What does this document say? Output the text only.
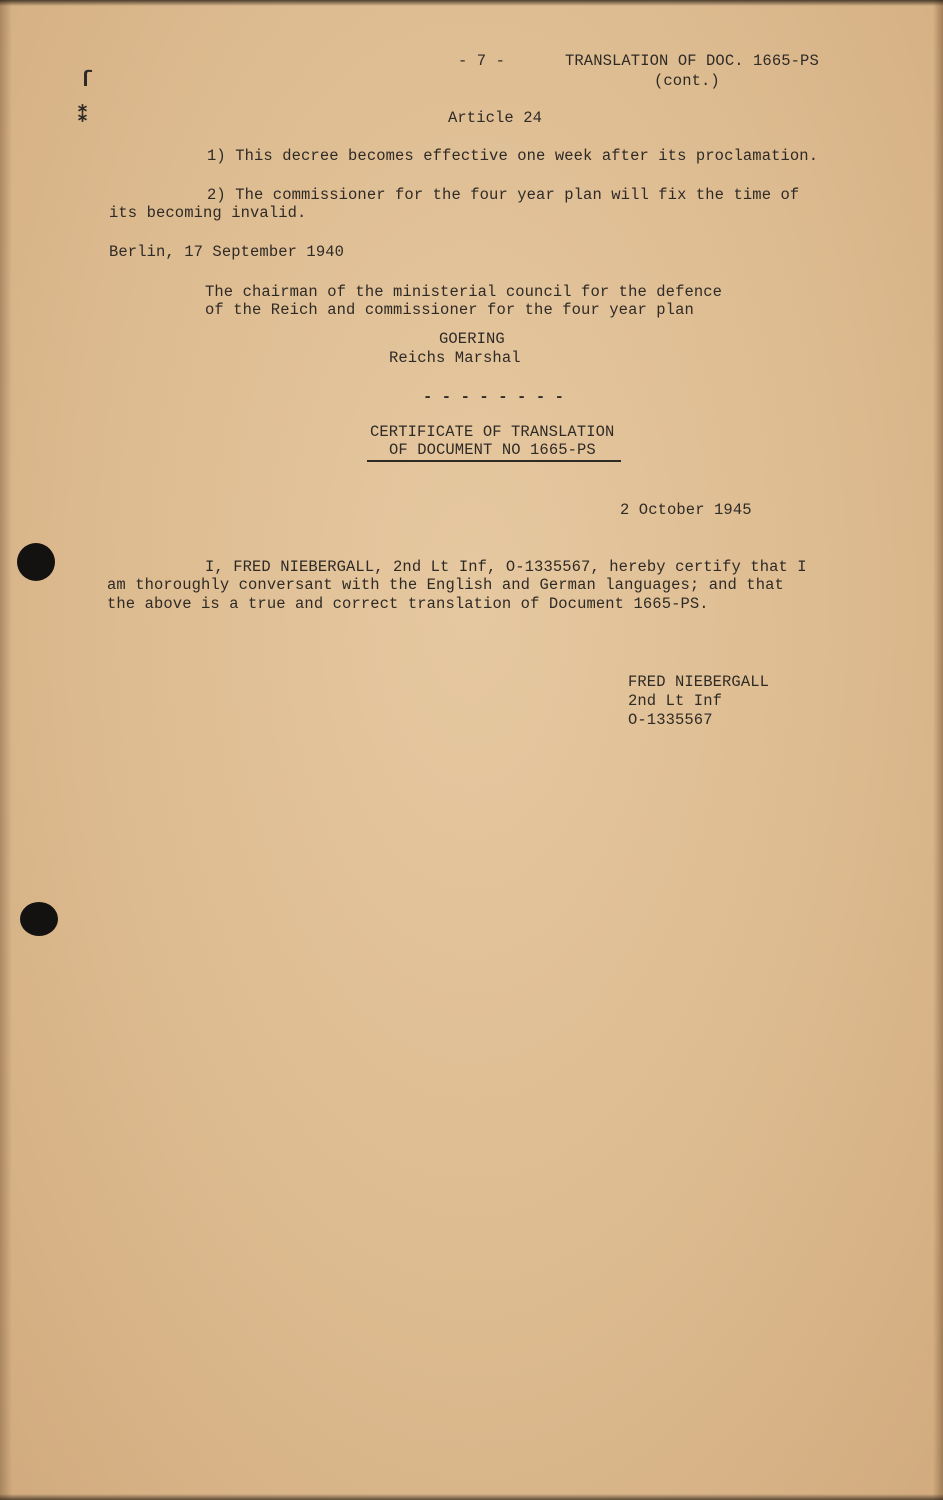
ſ
⁑
- 7 -	TRANSLATION OF DOC. 1665-PS
(cont.)
Article 24
1) This decree becomes effective one week after its proclamation.
2) The commissioner for the four year plan will fix the time of
its becoming invalid.
Berlin, 17 September 1940
The chairman of the ministerial council for the defence
of the Reich and commissioner for the four year plan
GOERING
Reichs Marshal
- - - - - - - -
CERTIFICATE OF TRANSLATION
OF DOCUMENT NO 1665-PS
2 October 1945
I, FRED NIEBERGALL, 2nd Lt Inf, O-1335567, hereby certify that I
am thoroughly conversant with the English and German languages; and that
the above is a true and correct translation of Document 1665-PS.
FRED NIEBERGALL
2nd Lt Inf
O-1335567
